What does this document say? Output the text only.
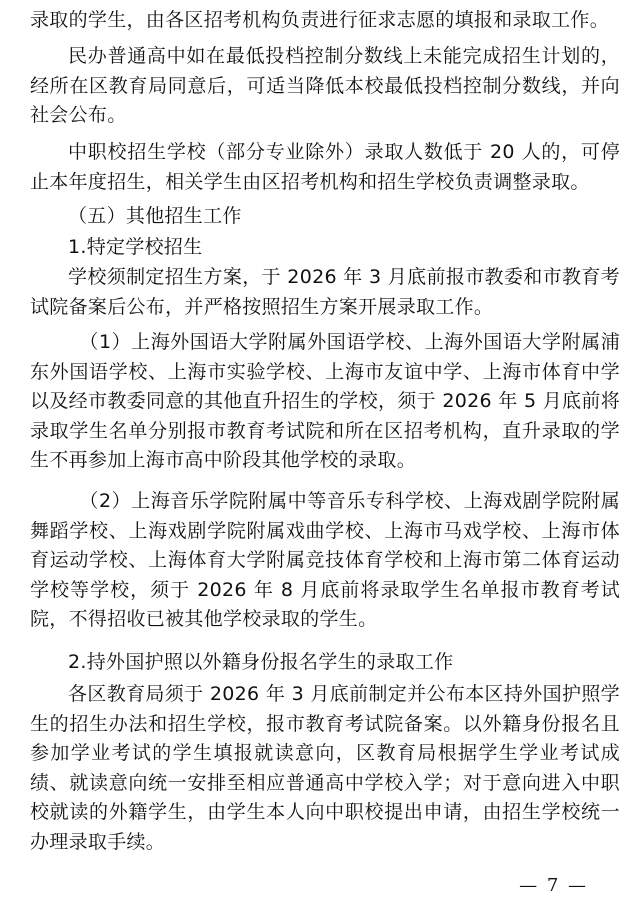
录取的学生，由各区招考机构负责进行征求志愿的填报和录取工作。

民办普通高中如在最低投档控制分数线上未能完成招生计划的，经所在区教育局同意后，可适当降低本校最低投档控制分数线，并向社会公布。

中职校招生学校（部分专业除外）录取人数低于 20 人的，可停止本年度招生，相关学生由区招考机构和招生学校负责调整录取。

（五）其他招生工作

1.特定学校招生

学校须制定招生方案，于 2026 年 3 月底前报市教委和市教育考试院备案后公布，并严格按照招生方案开展录取工作。

（1）上海外国语大学附属外国语学校、上海外国语大学附属浦东外国语学校、上海市实验学校、上海市友谊中学、上海市体育中学以及经市教委同意的其他直升招生的学校，须于 2026 年 5 月底前将录取学生名单分别报市教育考试院和所在区招考机构，直升录取的学生不再参加上海市高中阶段其他学校的录取。

（2）上海音乐学院附属中等音乐专科学校、上海戏剧学院附属舞蹈学校、上海戏剧学院附属戏曲学校、上海市马戏学校、上海市体育运动学校、上海体育大学附属竞技体育学校和上海市第二体育运动学校等学校，须于 2026 年 8 月底前将录取学生名单报市教育考试院，不得招收已被其他学校录取的学生。

2.持外国护照以外籍身份报名学生的录取工作

各区教育局须于 2026 年 3 月底前制定并公布本区持外国护照学生的招生办法和招生学校，报市教育考试院备案。以外籍身份报名且参加学业考试的学生填报就读意向，区教育局根据学生学业考试成绩、就读意向统一安排至相应普通高中学校入学；对于意向进入中职校就读的外籍学生，由学生本人向中职校提出申请，由招生学校统一办理录取手续。

— 7 —
